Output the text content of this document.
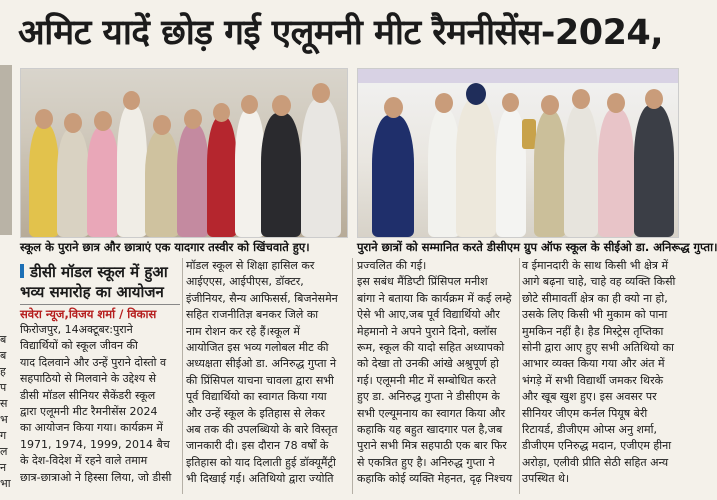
अमिट यादें छोड़ गई एलूमनी मीट रैमनीसेंस-2024,
ब
ब
ह
प
स
भ
ग
ल
न
भा
स्कूल के पुराने छात्र और छात्राएं एक यादगार तस्वीर को खिंचवाते हुए।	पुराने छात्रों को सम्मानित करते डीसीएम ग्रुप ऑफ स्कूल के सीईओ डा. अनिरूद्ध गुप्ता।
डीसी मॉडल स्कूल में हुआ
भव्य समारोह का आयोजन
सवेरा न्यूज,विजय शर्मा / विकास
फिरोजपुर, 14अक्टूबर:पुराने
विद्यार्थियों को स्कूल जीवन की
याद दिलवाने और उन्हें पुराने दोस्तो व
सहपाठियो से मिलवाने के उद्देश्य से
डीसी मॉडल सीनियर सैकेंडरी स्कूल
द्वारा एलूमनी मीट रैमनीसेंस 2024
का आयोजन किया गया। कार्यक्रम में
1971, 1974, 1999, 2014 बैच
के देश-विदेश में रहने वाले तमाम
छात्र-छात्राओ ने हिस्सा लिया, जो डीसी
मॉडल स्कूल से शिक्षा हासिल कर
आईएएस, आईपीएस, डॉक्टर,
इंजीनियर, सैन्य आफिसर्स, बिजनेसमेन
सहित राजनीतिज्ञ बनकर जिले का
नाम रोशन कर रहे हैं।स्कूल में
आयोजित इस भव्य गलोबल मीट की
अध्यक्षता सीईओ डा. अनिरुद्ध गुप्ता ने
की प्रिंसिपल याचना चावला द्वारा सभी
पूर्व विद्यार्थियो का स्वागत किया गया
और उन्हें स्कूल के इतिहास से लेकर
अब तक की उपलब्धियो के बारे विस्तृत
जानकारी दी। इस दौरान 78 वर्षों के
इतिहास को याद दिलाती हुई डॉक्यूमैंट्री
भी दिखाई गई। अतिथियो द्वारा ज्योति
प्रज्वलित की गई।
इस सबंध मैंडिप्टी प्रिंसिपल मनीश
बांगा ने बताया कि कार्यक्रम में कई लम्हे
ऐसे भी आए,जब पूर्व विद्यार्थियो और
मेहमानो ने अपने पुराने दिनो, क्लॉस
रूम, स्कूल की यादो सहित अध्यापको
को देखा तो उनकी आंखे अश्रुपूर्ण हो
गई। एलूमनी मीट में सम्बोधित करते
हुए डा. अनिरुद्ध गुप्ता ने डीसीएम के
सभी एल्यूमनाय का स्वागत किया और
कहाकि यह बहुत खादगार पल है,जब
पुराने सभी मित्र सहपाठी एक बार फिर
से एकत्रित हुए है। अनिरुद्ध गुप्ता ने
कहाकि कोई व्यक्ति मेहनत, दृढ़ निश्चय
व ईमानदारी के साथ किसी भी क्षेत्र में
आगे बढ़ना चाहे, चाहे वह व्यक्ति किसी
छोटे सीमावर्ती क्षेत्र का ही क्यो ना हो,
उसके लिए किसी भी मुकाम को पाना
मुमकिन नहीं है। हैड मिस्ट्रेस तृप्तिका
सोनी द्वारा आए हुए सभी अतिथियो का
आभार व्यक्त किया गया और अंत में
भंगड़े में सभी विद्यार्थी जमकर थिरके
और खूब खुश हुए। इस अवसर पर
सीनियर जीएम कर्नल पियूष बेरी
रिटायर्ड, डीजीएम ओप्स अनु शर्मा,
डीजीएम एनिरुद्ध मदान, एजीएम हीना
अरोड़ा, एलीवी प्रीति सेठी सहित अन्य
उपस्थित थे।
